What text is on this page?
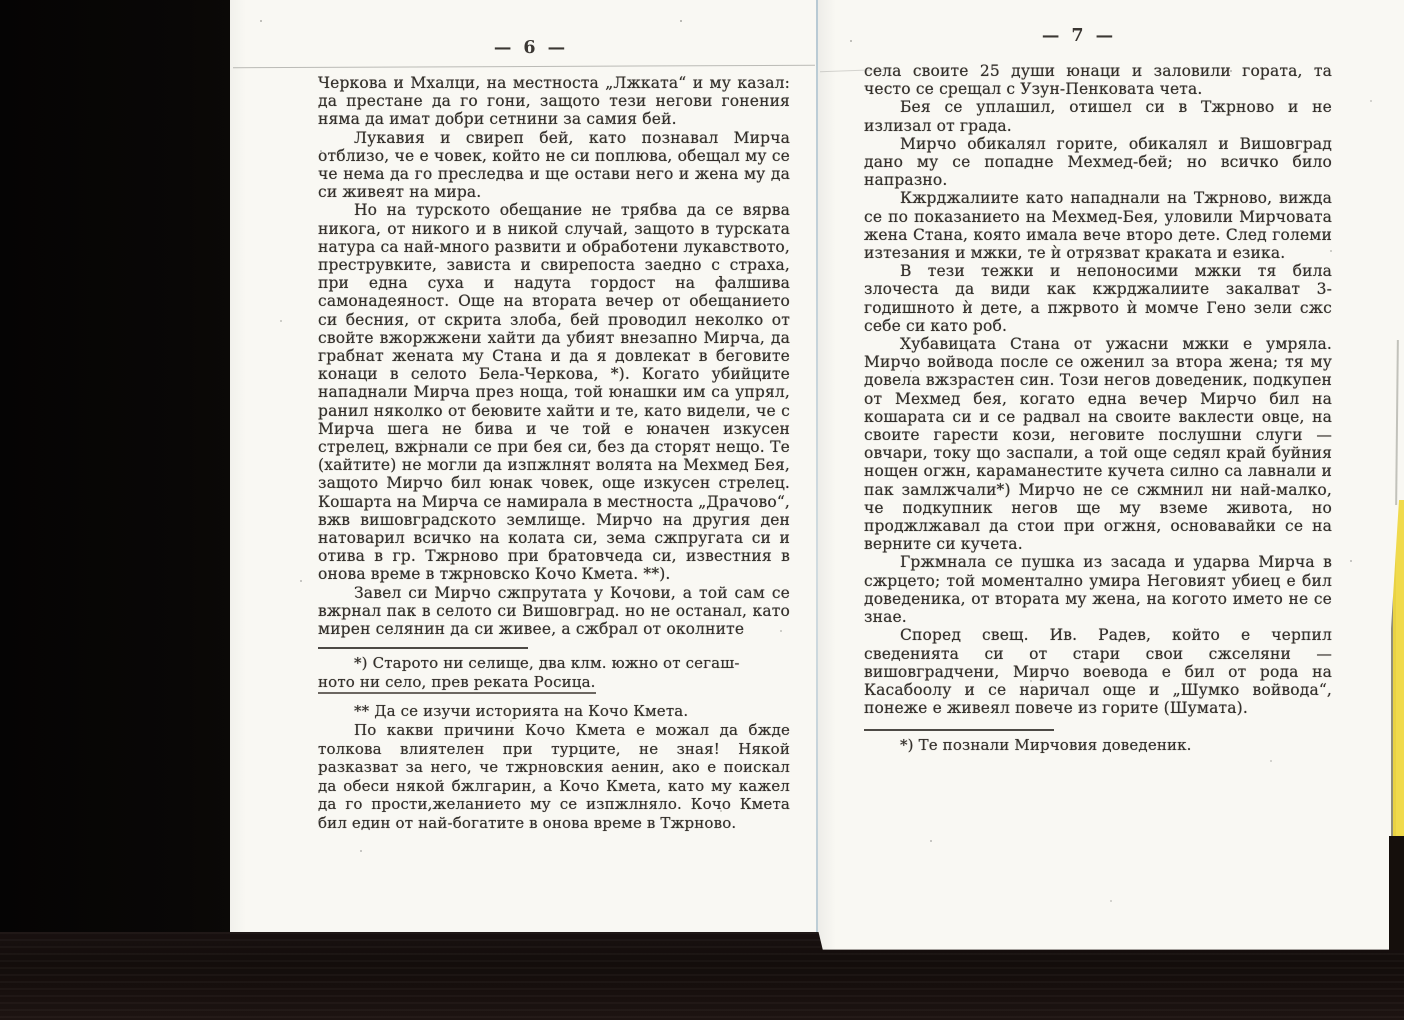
— 6 —
Черкова и Мхалци, на местноста „Лжката“ и му казал: да престане да го гони, защото тези негови гонения няма да имат добри сетнини за самия бей.
Лукавия и свиреп бей, като познавал Мирча отблизо, че е човек, който не си поплюва, обещал му се че нема да го преследва и ще остави него и жена му да си живеят на мира.
Но на турското обещание не трябва да се вярва никога, от никого и в никой случай, защото в турската натура са най-много развити и обработени лукавството, преструвките, зависта и свирепоста заедно с страха, при една суха и надута гордост на фалшива самонадеяност. Още на втората вечер от обещанието си бесния, от скрита злоба, бей проводил неколко от свойте вжоржжени хайти да убият внезапно Мирча, да грабнат жената му Стана и да я довлекат в беговите конаци в селото Бела-Черкова, *). Когато убийците нападнали Мирча през ноща, той юнашки им са упрял, ранил няколко от беювите хайти и те, като видели, че с Мирча шега не бива и че той е юначен изкусен стрелец, вжрнали се при бея си, без да сторят нещо. Те (хайтите) не могли да изпжлнят волята на Мехмед Бея, защото Мирчо бил юнак човек, още изкусен стрелец. Кошарта на Мирча се намирала в местноста „Драчово“, вжв вишовградското землище. Мирчо на другия ден натоварил всичко на колата си, зема сжпругата си и отива в гр. Тжрново при братовчеда си, известния в онова време в тжрновско Кочо Кмета. **).
Завел си Мирчо сжпрутата у Кочови, а той сам се вжрнал пак в селото си Вишовград. но не останал, като мирен селянин да си живее, а сжбрал от околните
*) Старото ни селище, два клм. южно от сегаш-
ното ни село, прев реката Росица.
** Да се изучи историята на Кочо Кмета.
По какви причини Кочо Кмета е можал да бжде толкова влиятелен при турците, не зная! Някой разказват за него, че тжрновския аенин, ако е поискал да обеси някой бжлгарин, а Кочо Кмета, като му кажел да го прости,желанието му се изпжлняло. Кочо Кмета бил един от най-богатите в онова време в Тжрново.
— 7 —
села своите 25 души юнаци и заловили гората, та често се срещал с Узун-Пенковата чета.
Бея се уплашил, отишел си в Тжрново и не излизал от града.
Мирчо обикалял горите, обикалял и Вишовград дано му се попадне Мехмед-бей; но всичко било напразно.
Кжрджалиите като нападнали на Тжрново, вижда се по показанието на Мехмед-Бея, уловили Мирчовата жена Стана, която имала вече второ дете. След големи изтезания и мжки, те ѝ отрязват краката и езика.
В тези тежки и непоносими мжки тя била злочеста да види как кжрджалиите закалват 3-годишното ѝ дете, а пжрвото ѝ момче Гено зели сжс себе си като роб.
Хубавицата Стана от ужасни мжки е умряла. Мирчо войвода после се оженил за втора жена; тя му довела вжзрастен син. Този негов доведеник, подкупен от Мехмед бея, когато една вечер Мирчо бил на кошарата си и се радвал на своите ваклести овце, на своите гарести кози, неговите послушни слуги —овчари, току що заспали, а той още седял край буйния нощен огжн, караманестите кучета силно са лавнали и пак замлжчали*) Мирчо не се сжмнил ни най-малко, че подкупник негов ще му вземе живота, но проджлжавал да стои при огжня, основавайки се на верните си кучета.
Гржмнала се пушка из засада и ударва Мирча в сжрцето; той моментално умира Неговият убиец е бил доведеника, от втората му жена, на когото името не се знае.
Според свещ. Ив. Радев, който е черпил сведенията си от стари свои сжселяни — вишовградчени, Мирчо воевода е бил от рода на Касабоолу и се наричал още и „Шумко войвода“, понеже е живеял повече из горите (Шумата).
*) Те познали Мирчовия доведеник.
